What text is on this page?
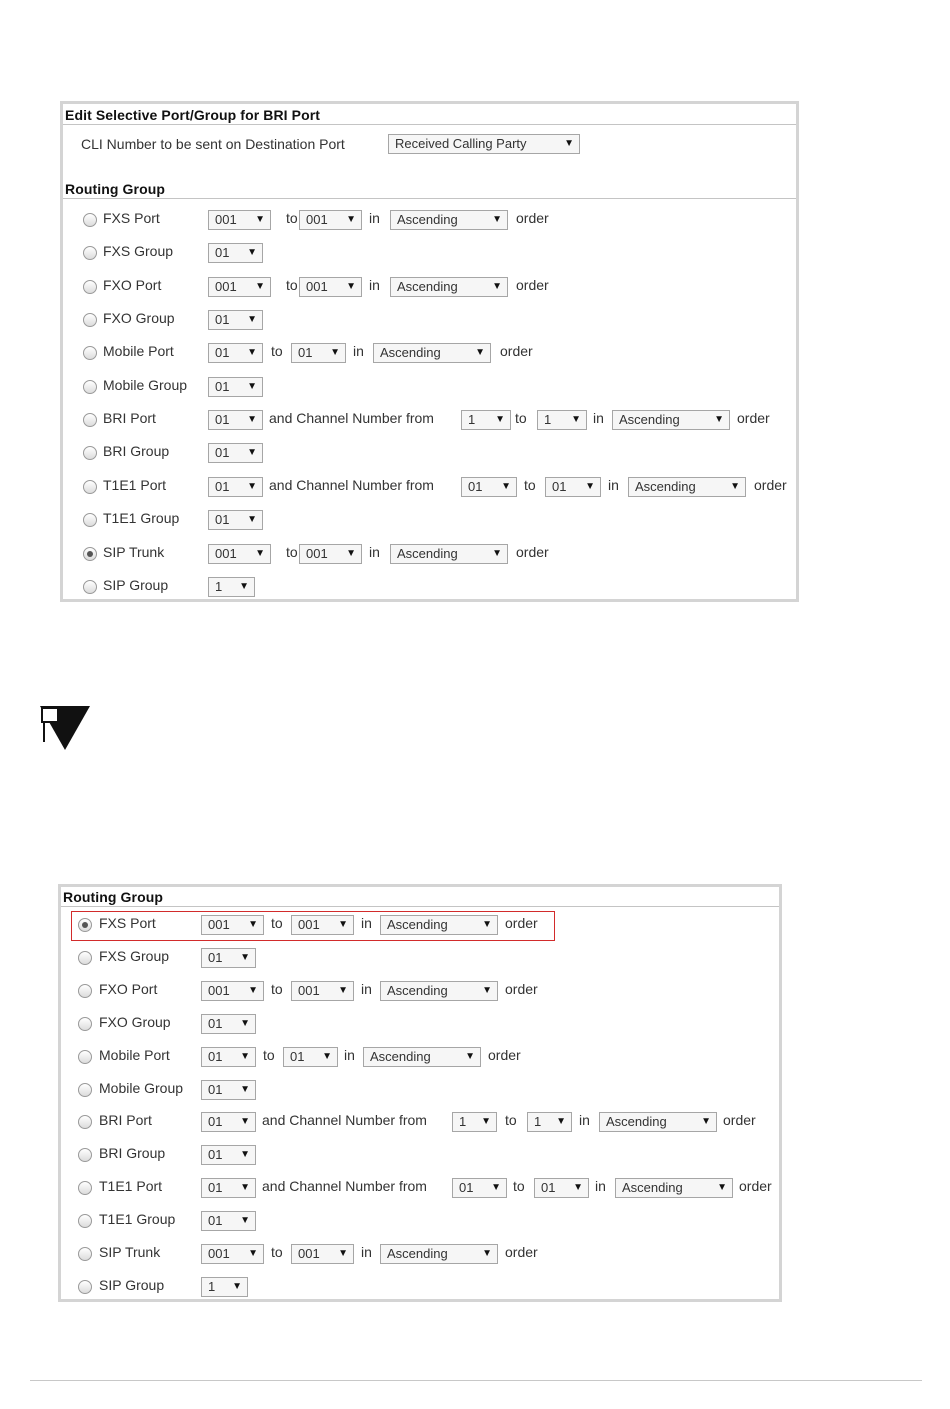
Edit Selective Port/Group for BRI Port
CLI Number to be sent on Destination Port	Received Calling Party	▼
Routing Group
FXS Port	001 ▼ to 001 ▼ in	Ascending	▼ order
FXS Group	01 ▼
FXO Port	001 ▼ to 001 ▼ in	Ascending	▼ order
FXO Group	01 ▼
Mobile Port	01 ▼ to	01 ▼ in	Ascending	▼ order
Mobile Group	01 ▼
BRI Port	01 ▼ and Channel Number from	1 ▼ to	1 ▼ in	Ascending	▼ order
BRI Group	01 ▼
T1E1 Port	01 ▼ and Channel Number from	01 ▼ to	01 ▼ in	Ascending	▼ order
T1E1 Group	01 ▼
SIP Trunk	001 ▼ to 001 ▼ in	Ascending	▼ order
SIP Group	1 ▼
Routing Group
FXS Port	001 ▼ to	001 ▼ in	Ascending	▼ order
FXS Group	01 ▼
FXO Port	001 ▼ to	001 ▼ in	Ascending	▼ order
FXO Group	01 ▼
Mobile Port	01 ▼ to	01 ▼ in	Ascending	▼ order
Mobile Group	01 ▼
BRI Port	01 ▼ and Channel Number from	1 ▼ to	1 ▼ in	Ascending	▼ order
BRI Group	01 ▼
T1E1 Port	01 ▼ and Channel Number from	01 ▼ to	01 ▼ in	Ascending	▼ order
T1E1 Group	01 ▼
SIP Trunk	001 ▼ to	001 ▼ in	Ascending	▼ order
SIP Group	1 ▼
